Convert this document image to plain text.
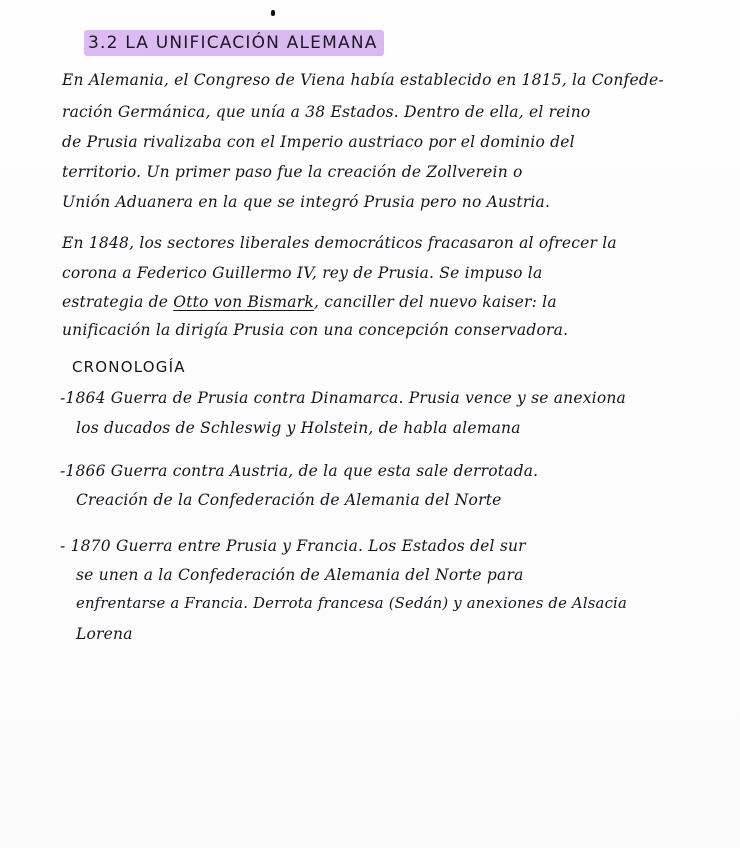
3.2 LA UNIFICACIÓN ALEMANA
En Alemania, el Congreso de Viena había establecido en 1815, la Confede-
ración Germánica, que unía a 38 Estados. Dentro de ella, el reino
de Prusia rivalizaba con el Imperio austriaco por el dominio del
territorio. Un primer paso fue la creación de Zollverein o
Unión Aduanera en la que se integró Prusia pero no Austria.
En 1848, los sectores liberales democráticos fracasaron al ofrecer la
corona a Federico Guillermo IV, rey de Prusia. Se impuso la
estrategia de Otto von Bismark, canciller del nuevo kaiser: la
unificación la dirigía Prusia con una concepción conservadora.
CRONOLOGÍA
-1864 Guerra de Prusia contra Dinamarca. Prusia vence y se anexiona
los ducados de Schleswig y Holstein, de habla alemana
-1866 Guerra contra Austria, de la que esta sale derrotada.
Creación de la Confederación de Alemania del Norte
- 1870 Guerra entre Prusia y Francia. Los Estados del sur
se unen a la Confederación de Alemania del Norte para
enfrentarse a Francia. Derrota francesa (Sedán) y anexiones de Alsacia
Lorena
